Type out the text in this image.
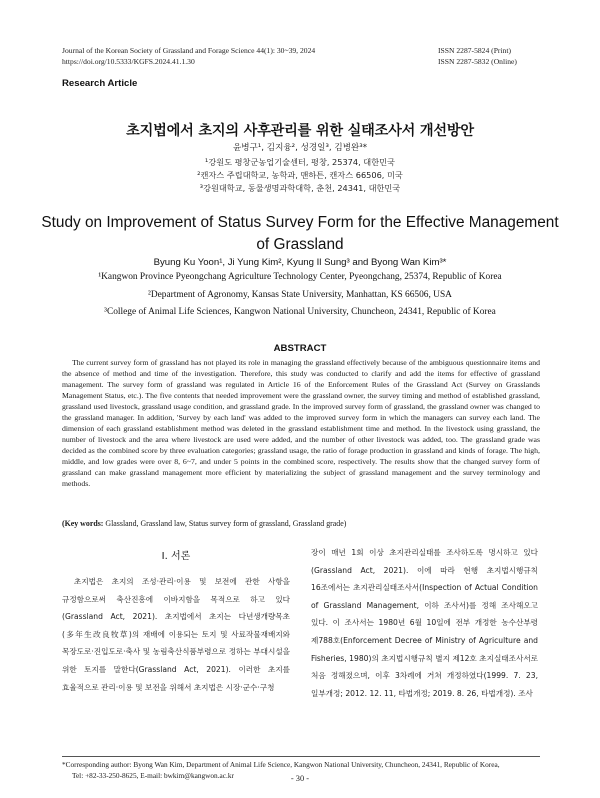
Journal of the Korean Society of Grassland and Forage Science 44(1): 30~39, 2024
https://doi.org/10.5333/KGFS.2024.41.1.30
ISSN 2287-5824 (Print)
ISSN 2287-5832 (Online)
Research Article
초지법에서 초지의 사후관리를 위한 실태조사서 개선방안
윤병구¹, 김지융², 성경일³, 김병완³*
¹강원도 평창군농업기술센터, 평창, 25374, 대한민국
²캔자스 주립대학교, 농학과, 맨하튼, 캔자스 66506, 미국
³강원대학교, 동물생명과학대학, 춘천, 24341, 대한민국
Study on Improvement of Status Survey Form for the Effective Management of Grassland
Byung Ku Yoon¹, Ji Yung Kim², Kyung Il Sung³ and Byong Wan Kim³*
¹Kangwon Province Pyeongchang Agriculture Technology Center, Pyeongchang, 25374, Republic of Korea
²Department of Agronomy, Kansas State University, Manhattan, KS 66506, USA
³College of Animal Life Sciences, Kangwon National University, Chuncheon, 24341, Republic of Korea
ABSTRACT
The current survey form of grassland has not played its role in managing the grassland effectively because of the ambiguous questionnaire items and the absence of method and time of the investigation. Therefore, this study was conducted to clarify and add the items for effective of grassland management. The survey form of grassland was regulated in Article 16 of the Enforcement Rules of the Grassland Act (Survey on Grasslands Management Status, etc.). The five contents that needed improvement were the grassland owner, the survey timing and method of established grassland, grassland used livestock, grassland usage condition, and grassland grade. In the improved survey form of grassland, the grassland owner was changed to the grassland manager. In addition, 'Survey by each land' was added to the improved survey form in which the managers can survey each land. The dimension of each grassland establishment method was deleted in the grassland establishment time and method. In the livestock using grassland, the number of livestock and the area where livestock are used were added, and the number of other livestock was added, too. The grassland grade was decided as the combined score by three evaluation categories; grassland usage, the ratio of forage production in grassland and kinds of forage. The high, middle, and low grades were over 8, 6~7, and under 5 points in the combined score, respectively. The results show that the changed survey form of grassland can make grassland management more efficient by materializing the subject of grassland management and the survey terminology and methods.
(Key words: Glassland, Grassland law, Status survey form of grassland, Grassland grade)
Ⅰ. 서론
초지법은 초지의 조성·관리·이용 및 보전에 관한 사항을 규정함으로써 축산진흥에 이바지함을 목적으로 하고 있다(Grassland Act, 2021). 초지법에서 초지는 다년생개량목초(多年生改良牧草)의 재배에 이용되는 토지 및 사료작물재배지와 목장도로·진입도로·축사 및 농림축산식품부령으로 정하는 부대시설을 위한 토지를 말한다(Grassland Act, 2021). 이러한 초지를 효율적으로 관리·이용 및 보전을 위해서 초지법은 시장·군수·구청
장이 매년 1회 이상 초지관리실태를 조사하도록 명시하고 있다(Grassland Act, 2021). 이에 따라 현행 초지법시행규칙 16조에서는 초지관리실태조사서(Inspection of Actual Condition of Grassland Management, 이하 조사서)를 정해 조사해오고 있다. 이 조사서는 1980년 6월 10일에 전부 개정한 농수산부령 제788호(Enforcement Decree of Ministry of Agriculture and Fisheries, 1980)의 초지법시행규칙 별지 제12호 초지실태조사서로 처음 정해졌으며, 이후 3차례에 거쳐 개정하였다(1999. 7. 23, 일부개정; 2012. 12. 11, 타법개정; 2019. 8. 26, 타법개정). 조사
*Corresponding author: Byong Wan Kim, Department of Animal Life Science, Kangwon National University, Chuncheon, 24341, Republic of Korea,
Tel: +82-33-250-8625, E-mail: bwkim@kangwon.ac.kr	- 30 -
